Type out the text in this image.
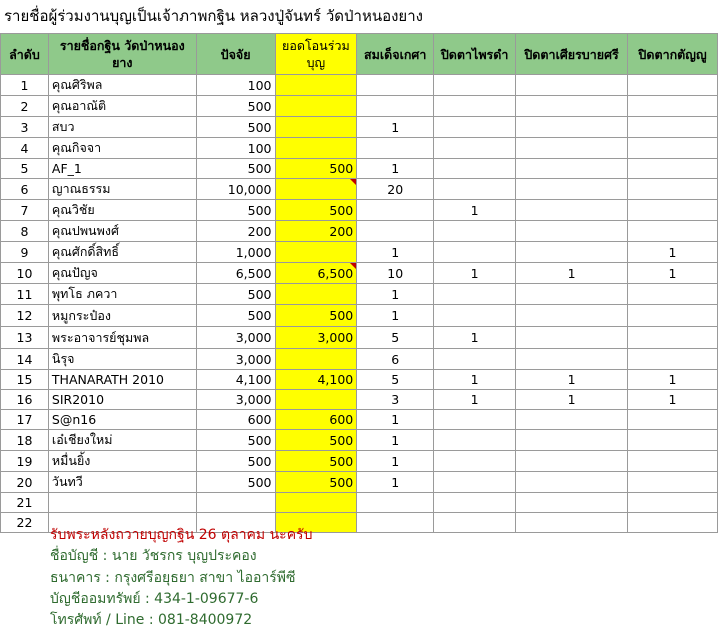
รายชื่อผู้ร่วมงานบุญเป็นเจ้าภาพกฐิน หลวงปู่จันทร์ วัดป่าหนองยาง
ลำดับ	รายชื่อกฐิน วัดป่าหนองยาง	ปัจจัย	ยอดโอนร่วมบุญ	สมเด็จเกศา	ปิดตาไพรดำ	ปิดตาเศียรบายศรี	ปิดตากตัญญู
1	คุณศิริพล	100					
2	คุณอาณัติ	500					
3	สบว	500		1			
4	คุณกิจจา	100					
5	AF_1	500	500	1			
6	ญาณธรรม	10,000		20			
7	คุณวิชัย	500	500		1		
8	คุณปพนพงศ์	200	200				
9	คุณศักดิ์สิทธิ์	1,000		1			1
10	คุณปัญจ	6,500	6,500	10	1	1	1
11	พุทโธ ภควา	500		1			
12	หมูกระป๋อง	500	500	1			
13	พระอาจารย์ชุมพล	3,000	3,000	5	1		
14	นิรุจ	3,000		6			
15	THANARATH 2010	4,100	4,100	5	1	1	1
16	SIR2010	3,000		3	1	1	1
17	S@n16	600	600	1			
18	เอ๋เชียงใหม่	500	500	1			
19	หมื่นยิ้ง	500	500	1			
20	วันทวี	500	500	1			
21							
22							
รับพระหลังถวายบุญกฐิน 26 ตุลาคม นะครับ
ชื่อบัญชี : นาย วัชรกร บุญประคอง
ธนาคาร : กรุงศรีอยุธยา สาขา ไออาร์พีซี
บัญชีออมทรัพย์ : 434-1-09677-6
โทรศัพท์ / Line : 081-8400972
